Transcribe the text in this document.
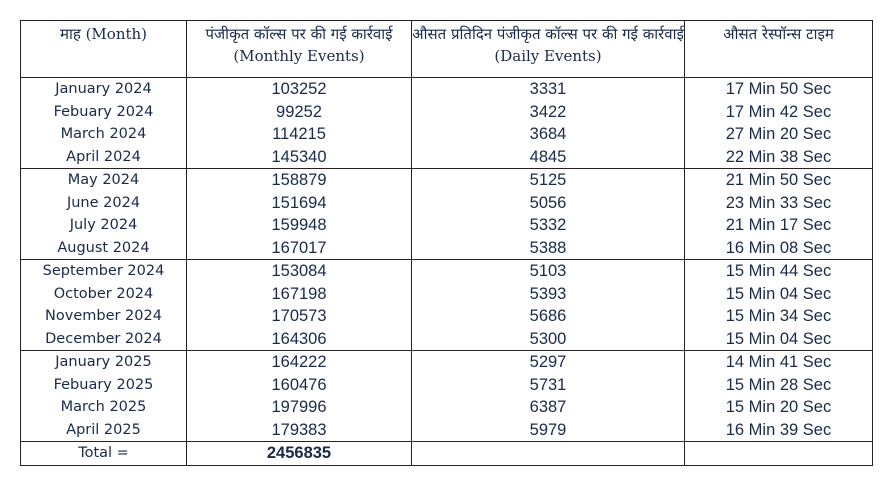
माह (Month)	पंजीकृत कॉल्स पर की गई कार्रवाई (Monthly Events)	औसत प्रतिदिन पंजीकृत कॉल्स पर की गई कार्रवाई (Daily Events)	औसत रेस्पॉन्स टाइम
January 2024	103252	3331	17 Min 50 Sec
Febuary 2024	99252	3422	17 Min 42 Sec
March 2024	114215	3684	27 Min 20 Sec
April 2024	145340	4845	22 Min 38 Sec
May 2024	158879	5125	21 Min 50 Sec
June 2024	151694	5056	23 Min 33 Sec
July 2024	159948	5332	21 Min 17 Sec
August 2024	167017	5388	16 Min 08 Sec
September 2024	153084	5103	15 Min 44 Sec
October 2024	167198	5393	15 Min 04 Sec
November 2024	170573	5686	15 Min 34 Sec
December 2024	164306	5300	15 Min 04 Sec
January 2025	164222	5297	14 Min 41 Sec
Febuary 2025	160476	5731	15 Min 28 Sec
March 2025	197996	6387	15 Min 20 Sec
April 2025	179383	5979	16 Min 39 Sec
Total =	2456835		
